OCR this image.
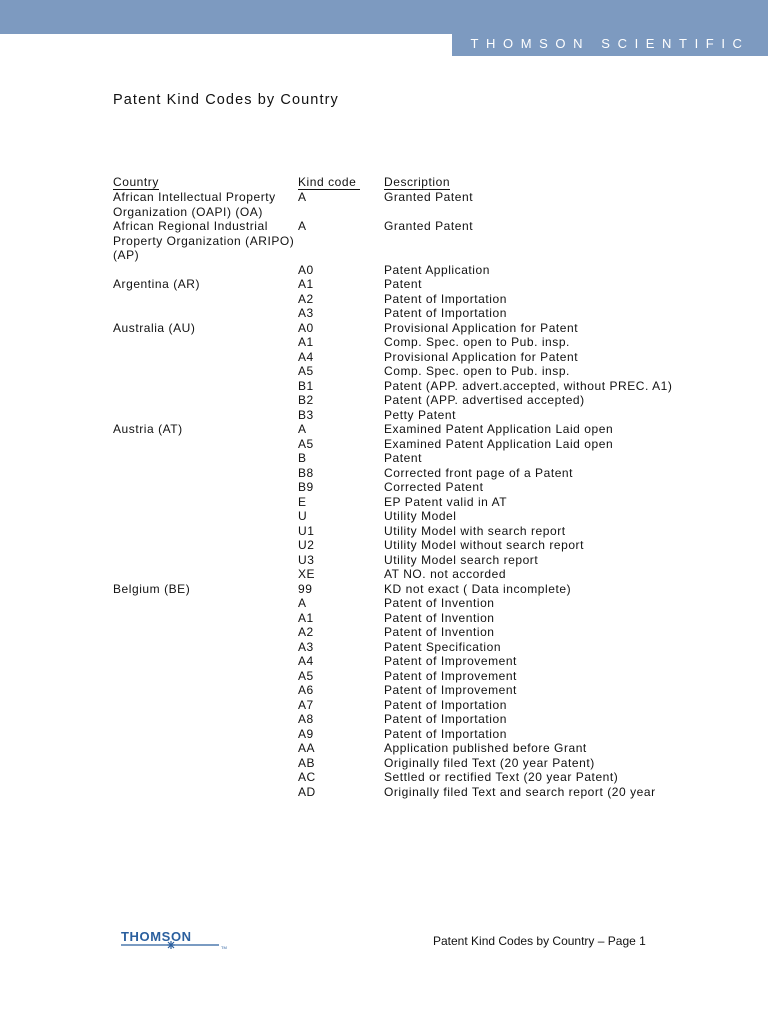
THOMSON SCIENTIFIC
Patent Kind Codes by Country
Country	Kind code	Description
African Intellectual Property Organization (OAPI) (OA)
A	Granted Patent
African Regional Industrial Property Organization (ARIPO) (AP)
A	Granted Patent
A0	Patent Application
Argentina (AR)	A1	Patent
A2	Patent of Importation
A3	Patent of Importation
Australia (AU)	A0	Provisional Application for Patent
A1	Comp. Spec. open to Pub. insp.
A4	Provisional Application for Patent
A5	Comp. Spec. open to Pub. insp.
B1	Patent (APP. advert.accepted, without PREC. A1)
B2	Patent (APP. advertised accepted)
B3	Petty Patent
Austria (AT)	A	Examined Patent Application Laid open
A5	Examined Patent Application Laid open
B	Patent
B8	Corrected front page of a Patent
B9	Corrected Patent
E	EP Patent valid in AT
U	Utility Model
U1	Utility Model with search report
U2	Utility Model without search report
U3	Utility Model search report
XE	AT NO. not accorded
Belgium (BE)	99	KD not exact ( Data incomplete)
A	Patent of Invention
A1	Patent of Invention
A2	Patent of Invention
A3	Patent Specification
A4	Patent of Improvement
A5	Patent of Improvement
A6	Patent of Improvement
A7	Patent of Importation
A8	Patent of Importation
A9	Patent of Importation
AA	Application published before Grant
AB	Originally filed Text (20 year Patent)
AC	Settled or rectified Text (20 year Patent)
AD	Originally filed Text and search report (20 year
THOMSON
TM	Patent Kind Codes by Country – Page 1
